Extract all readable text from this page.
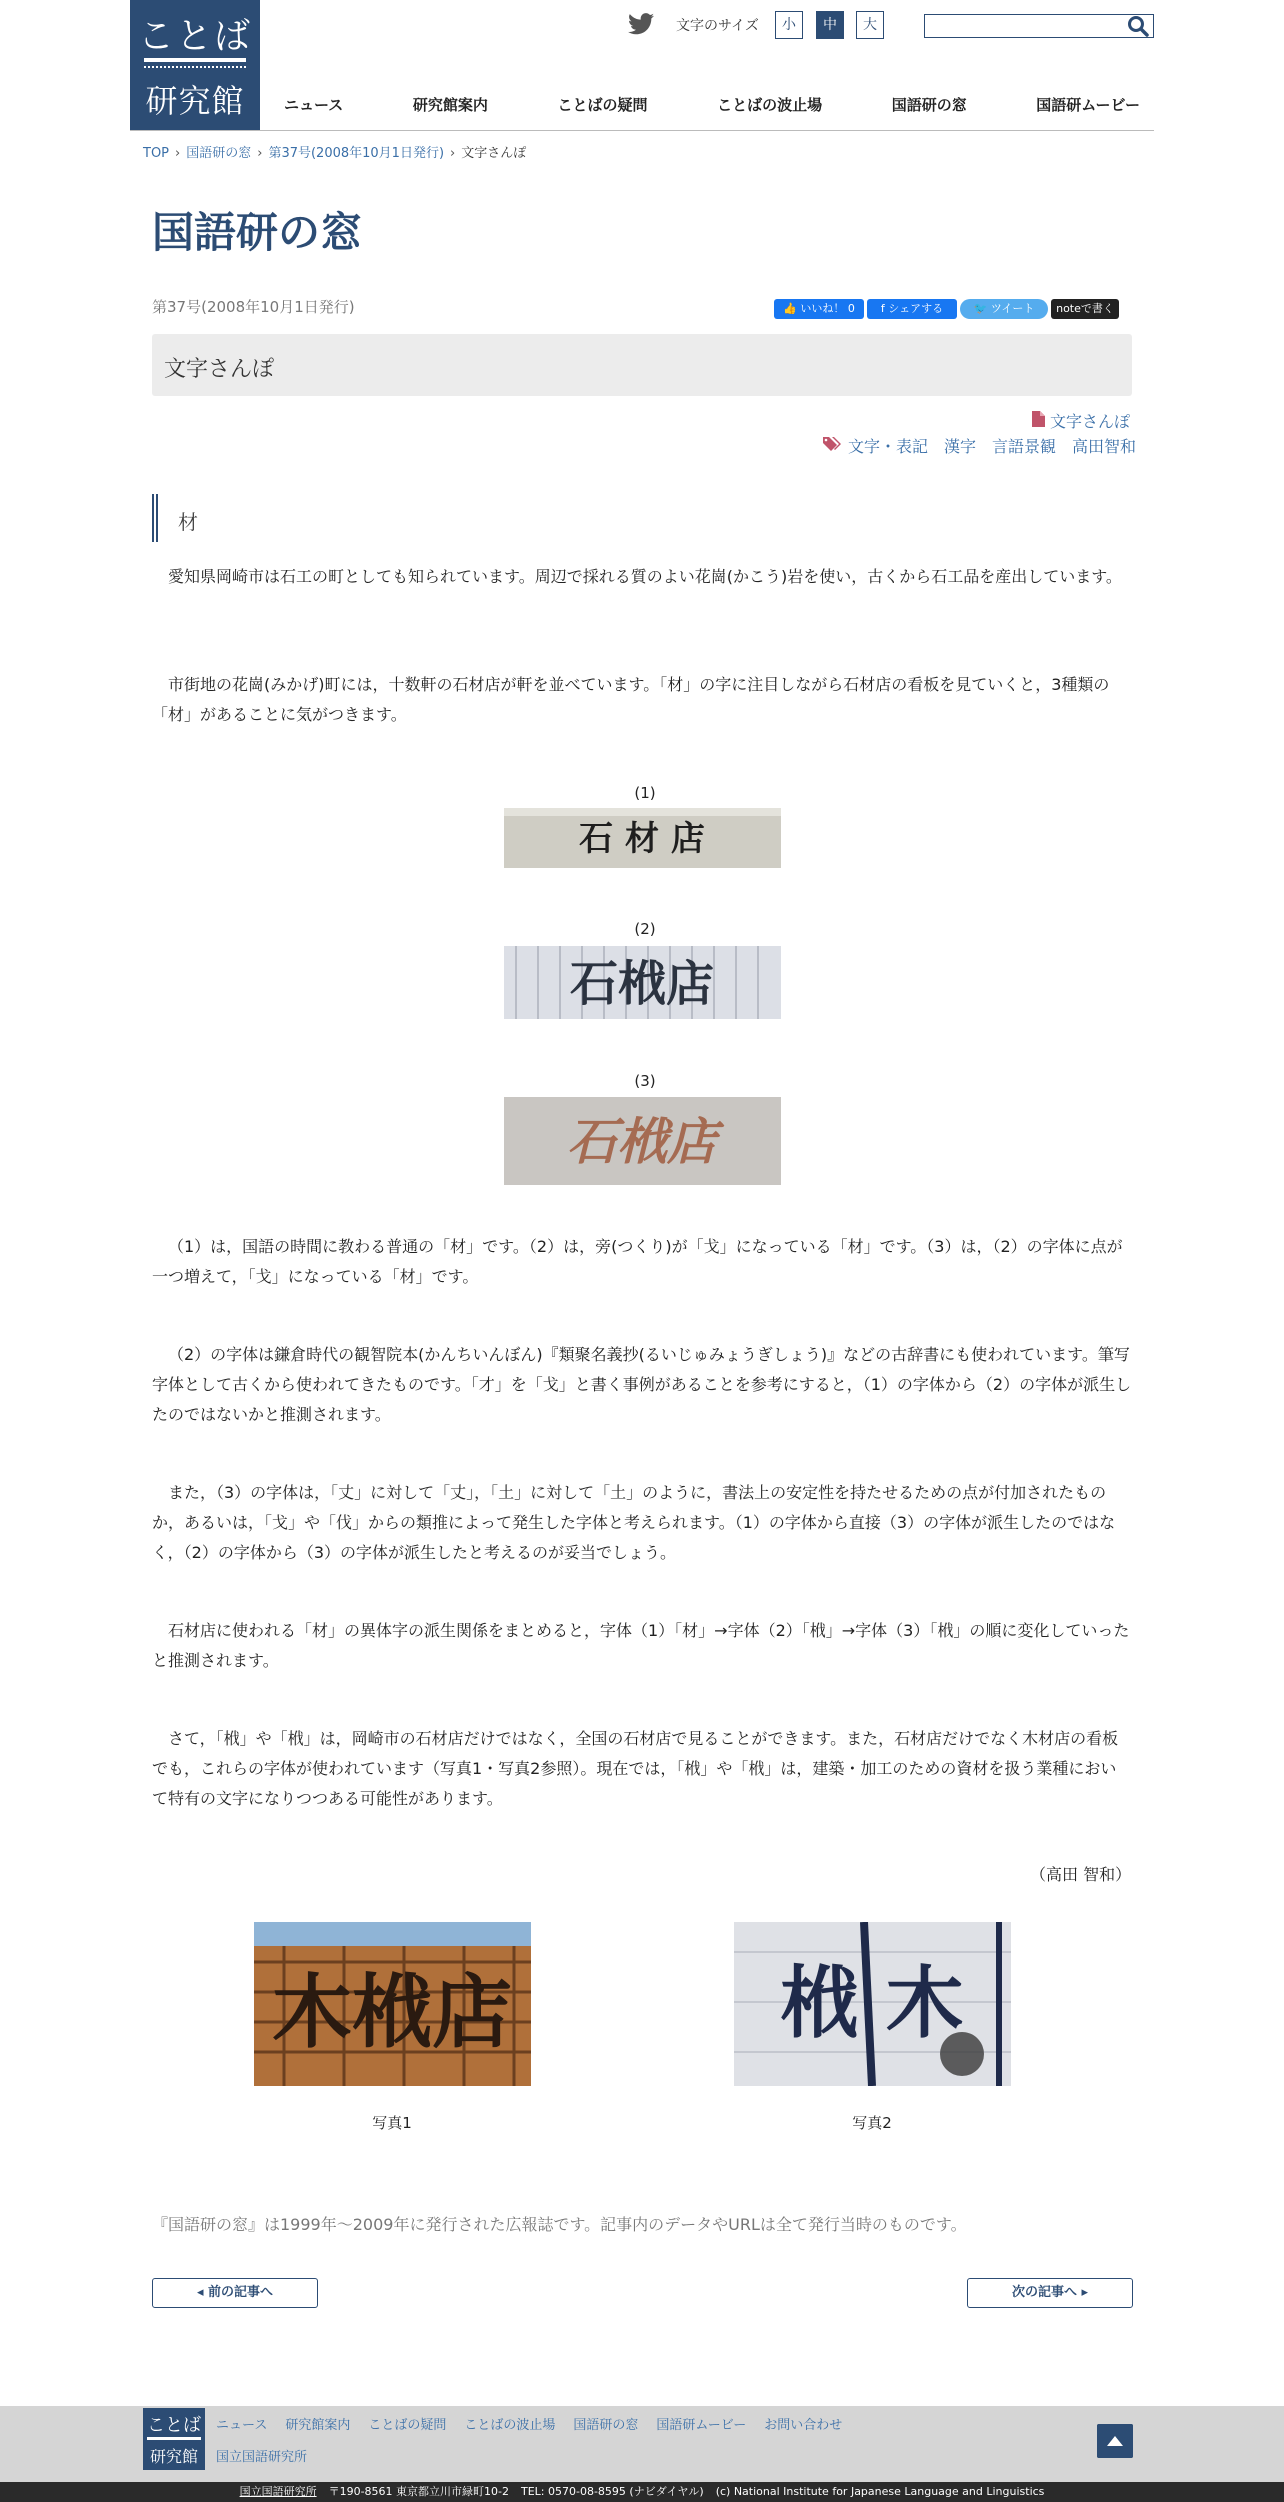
ことば
研究館
文字のサイズ	小	中	大
ニュース	研究館案内	ことばの疑問	ことばの波止場	国語研の窓	国語研ムービー
TOP › 国語研の窓 › 第37号(2008年10月1日発行) › 文字さんぽ
国語研の窓
第37号(2008年10月1日発行)	👍 いいね！ 0	f シェアする	🐦 ツイート	noteで書く
文字さんぽ
文字さんぽ
文字・表記 漢字 言語景観 高田智和
材
愛知県岡崎市は石工の町としても知られています。周辺で採れる質のよい花崗(かこう)岩を使い，古くから石工品を産出しています。
市街地の花崗(みかげ)町には，十数軒の石材店が軒を並べています。「材」の字に注目しながら石材店の看板を見ていくと，3種類の「材」があることに気がつきます。
(1)
石 材 店
(2)
石栰店
(3)
石栰店
（1）は，国語の時間に教わる普通の「材」です。（2）は，旁(つくり)が「戈」になっている「材」です。（3）は，（2）の字体に点が一つ増えて，「戈」になっている「材」です。
（2）の字体は鎌倉時代の観智院本(かんちいんぼん)『類聚名義抄(るいじゅみょうぎしょう)』などの古辞書にも使われています。筆写字体として古くから使われてきたものです。「才」を「戈」と書く事例があることを参考にすると，（1）の字体から（2）の字体が派生したのではないかと推測されます。
また，（3）の字体は，「丈」に対して「丈」，「土」に対して「土」のように，書法上の安定性を持たせるための点が付加されたものか，あるいは，「戈」や「伐」からの類推によって発生した字体と考えられます。（1）の字体から直接（3）の字体が派生したのではなく，（2）の字体から（3）の字体が派生したと考えるのが妥当でしょう。
石材店に使われる「材」の異体字の派生関係をまとめると，字体（1）「材」→字体（2）「栰」→字体（3）「栰」の順に変化していったと推測されます。
さて，「栰」や「栰」は，岡崎市の石材店だけではなく，全国の石材店で見ることができます。また，石材店だけでなく木材店の看板でも，これらの字体が使われています（写真1・写真2参照）。現在では，「栰」や「栰」は，建築・加工のための資材を扱う業種において特有の文字になりつつある可能性があります。
（高田 智和）
木栰店
写真1
栰 木
写真2
『国語研の窓』は1999年～2009年に発行された広報誌です。記事内のデータやURLは全て発行当時のものです。
◂ 前の記事へ	次の記事へ ▸
ことば
研究館
ニュース 研究館案内 ことばの疑問 ことばの波止場 国語研の窓 国語研ムービー お問い合わせ
国立国語研究所
国立国語研究所 〒190-8561 東京都立川市緑町10-2 TEL: 0570-08-8595 (ナビダイヤル) (c) National Institute for Japanese Language and Linguistics
